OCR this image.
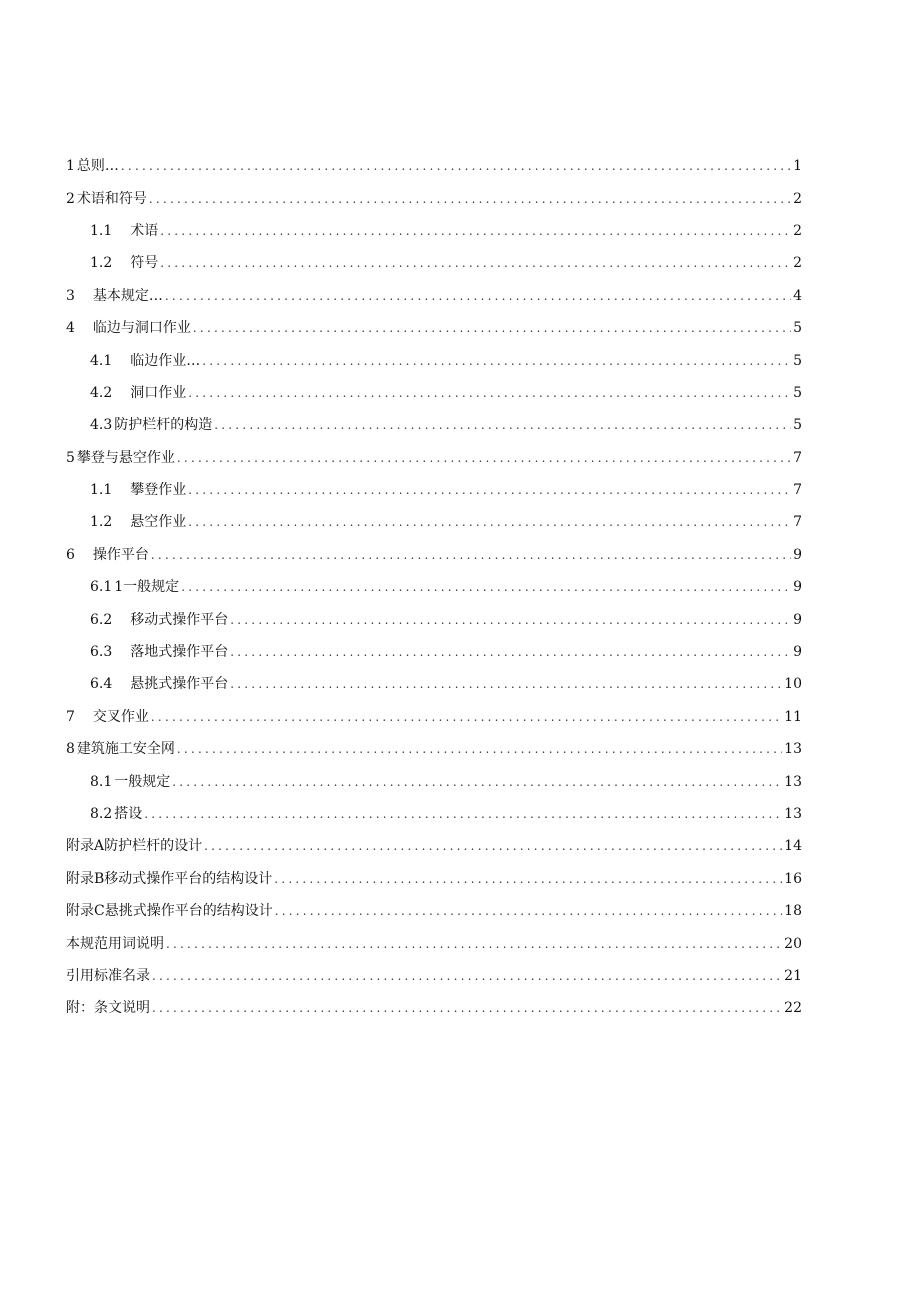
1 总则… .....	1
2 术语和符号 .....	2
1.1 术语 .....	2
1.2 符号 .....	2
3 基本规定… .....	4
4 临边与洞口作业 .....	5
4.1 临边作业… .....	5
4.2 洞口作业 .....	5
4.3 防护栏杆的构造 .....	5
5 攀登与悬空作业 .....	7
1.1 攀登作业 .....	7
1.2 悬空作业 .....	7
6 操作平台 .....	9
6.1 1一般规定 .....	9
6.2 移动式操作平台 .....	9
6.3 落地式操作平台 .....	9
6.4 悬挑式操作平台 .....	10
7 交叉作业 .....	11
8 建筑施工安全网 .....	13
8.1 一般规定 .....	13
8.2 搭设 .....	13
附录A防护栏杆的设计 .....	14
附录B移动式操作平台的结构设计 .....	16
附录C悬挑式操作平台的结构设计 .....	18
本规范用词说明 .....	20
引用标准名录 .....	21
附：条文说明 .....	22
